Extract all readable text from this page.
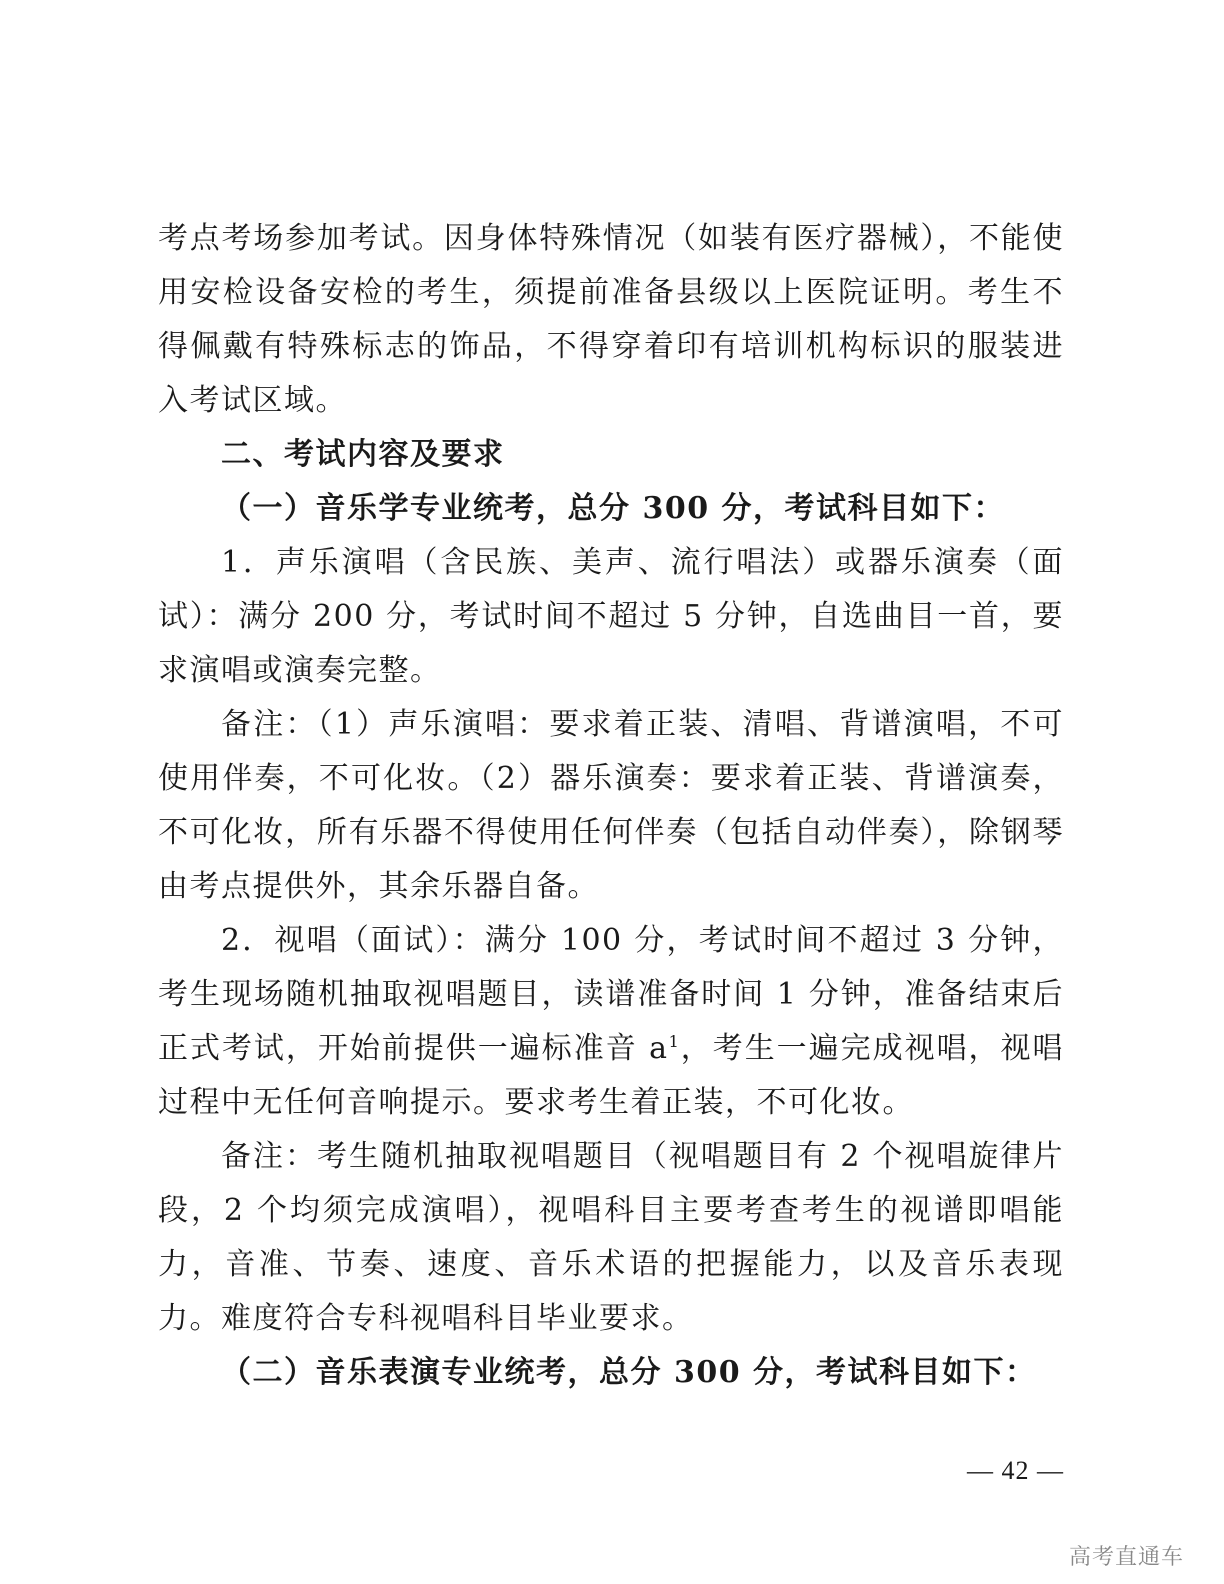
考点考场参加考试。因身体特殊情况（如装有医疗器械），不能使用安检设备安检的考生，须提前准备县级以上医院证明。考生不得佩戴有特殊标志的饰品，不得穿着印有培训机构标识的服装进入考试区域。

二、考试内容及要求

（一）音乐学专业统考，总分 300 分，考试科目如下：

1．声乐演唱（含民族、美声、流行唱法）或器乐演奏（面试）：满分 200 分，考试时间不超过 5 分钟，自选曲目一首，要求演唱或演奏完整。

备注：（1）声乐演唱：要求着正装、清唱、背谱演唱，不可使用伴奏，不可化妆。（2）器乐演奏：要求着正装、背谱演奏，不可化妆，所有乐器不得使用任何伴奏（包括自动伴奏），除钢琴由考点提供外，其余乐器自备。

2．视唱（面试）：满分 100 分，考试时间不超过 3 分钟，考生现场随机抽取视唱题目，读谱准备时间 1 分钟，准备结束后正式考试，开始前提供一遍标准音 $a^1$，考生一遍完成视唱，视唱过程中无任何音响提示。要求考生着正装，不可化妆。

备注：考生随机抽取视唱题目（视唱题目有 2 个视唱旋律片段，2 个均须完成演唱），视唱科目主要考查考生的视谱即唱能力，音准、节奏、速度、音乐术语的把握能力，以及音乐表现力。难度符合专科视唱科目毕业要求。

（二）音乐表演专业统考，总分 300 分，考试科目如下：

— 42 —
高考直通车
